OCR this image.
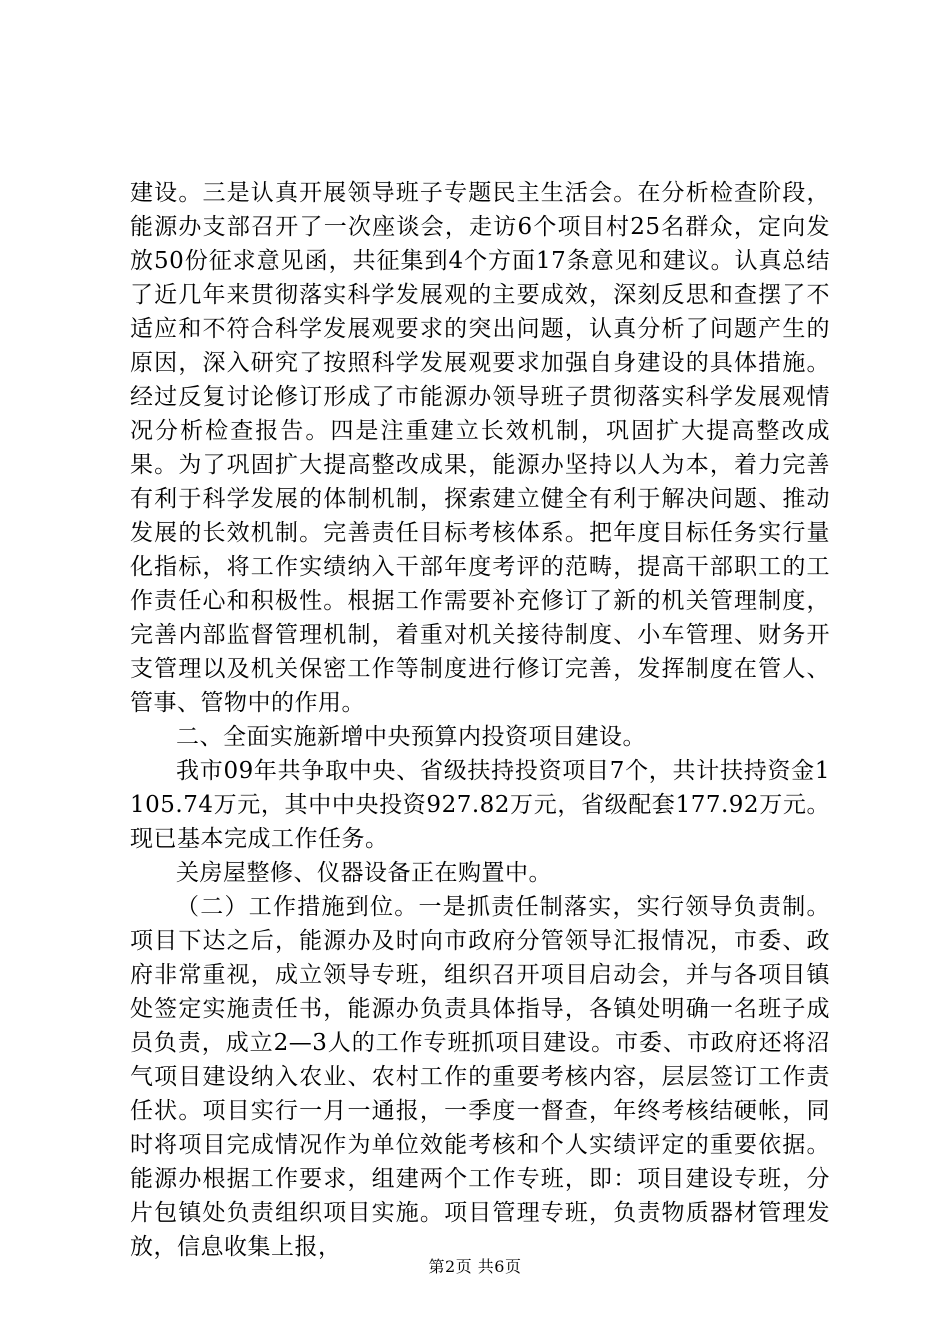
建设。三是认真开展领导班子专题民主生活会。在分析检查阶段，能源办支部召开了一次座谈会，走访6个项目村25名群众，定向发放50份征求意见函，共征集到4个方面17条意见和建议。认真总结了近几年来贯彻落实科学发展观的主要成效，深刻反思和查摆了不适应和不符合科学发展观要求的突出问题，认真分析了问题产生的原因，深入研究了按照科学发展观要求加强自身建设的具体措施。经过反复讨论修订形成了市能源办领导班子贯彻落实科学发展观情况分析检查报告。四是注重建立长效机制，巩固扩大提高整改成果。为了巩固扩大提高整改成果，能源办坚持以人为本，着力完善有利于科学发展的体制机制，探索建立健全有利于解决问题、推动发展的长效机制。完善责任目标考核体系。把年度目标任务实行量化指标，将工作实绩纳入干部年度考评的范畴，提高干部职工的工作责任心和积极性。根据工作需要补充修订了新的机关管理制度，完善内部监督管理机制，着重对机关接待制度、小车管理、财务开支管理以及机关保密工作等制度进行修订完善，发挥制度在管人、管事、管物中的作用。

二、全面实施新增中央预算内投资项目建设。

我市09年共争取中央、省级扶持投资项目7个，共计扶持资金1105.74万元，其中中央投资927.82万元，省级配套177.92万元。现已基本完成工作任务。

关房屋整修、仪器设备正在购置中。

（二）工作措施到位。一是抓责任制落实，实行领导负责制。项目下达之后，能源办及时向市政府分管领导汇报情况，市委、政府非常重视，成立领导专班，组织召开项目启动会，并与各项目镇处签定实施责任书，能源办负责具体指导，各镇处明确一名班子成员负责，成立2—3人的工作专班抓项目建设。市委、市政府还将沼气项目建设纳入农业、农村工作的重要考核内容，层层签订工作责任状。项目实行一月一通报，一季度一督查，年终考核结硬帐，同时将项目完成情况作为单位效能考核和个人实绩评定的重要依据。能源办根据工作要求，组建两个工作专班，即：项目建设专班，分片包镇处负责组织项目实施。项目管理专班，负责物质器材管理发放，信息收集上报，

第2页 共6页
